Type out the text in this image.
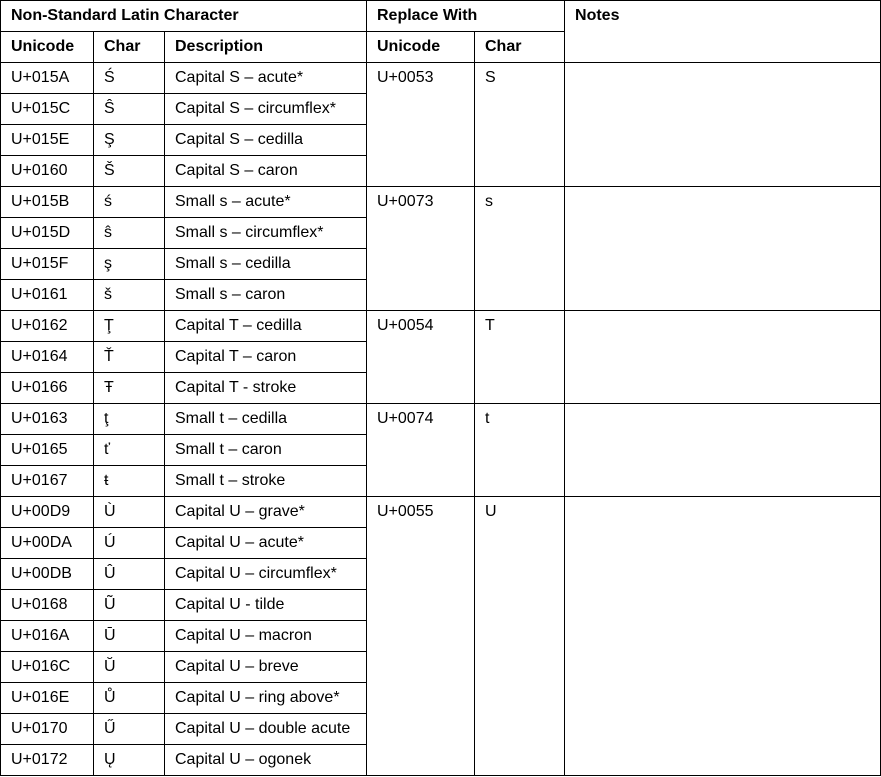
Non-Standard Latin Character			Replace With		Notes
Unicode	Char	Description	Unicode	Char	
U+015A	Ś	Capital S – acute*	U+0053	S	
U+015C	Ŝ	Capital S – circumflex*			
U+015E	Ş	Capital S – cedilla			
U+0160	Š	Capital S – caron			
U+015B	ś	Small s – acute*	U+0073	s	
U+015D	ŝ	Small s – circumflex*			
U+015F	ş	Small s – cedilla			
U+0161	š	Small s – caron			
U+0162	Ţ	Capital T – cedilla	U+0054	T	
U+0164	Ť	Capital T – caron			
U+0166	Ŧ	Capital T - stroke			
U+0163	ţ	Small t – cedilla	U+0074	t	
U+0165	ť	Small t – caron			
U+0167	ŧ	Small t – stroke			
U+00D9	Ù	Capital U – grave*	U+0055	U	
U+00DA	Ú	Capital U – acute*			
U+00DB	Û	Capital U – circumflex*			
U+0168	Ũ	Capital U - tilde			
U+016A	Ū	Capital U – macron			
U+016C	Ŭ	Capital U – breve			
U+016E	Ů	Capital U – ring above*			
U+0170	Ű	Capital U – double acute			
U+0172	Ų	Capital U – ogonek			
